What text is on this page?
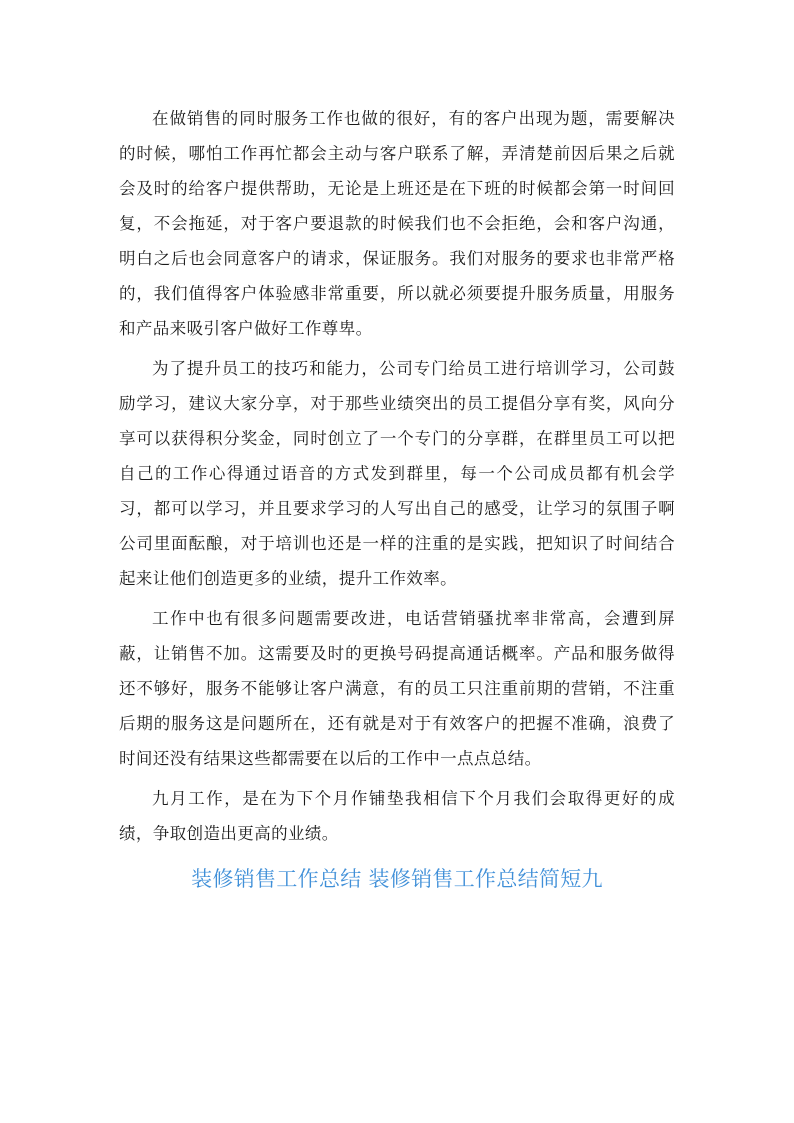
在做销售的同时服务工作也做的很好，有的客户出现为题，需要解决的时候，哪怕工作再忙都会主动与客户联系了解，弄清楚前因后果之后就会及时的给客户提供帮助，无论是上班还是在下班的时候都会第一时间回复，不会拖延，对于客户要退款的时候我们也不会拒绝，会和客户沟通，明白之后也会同意客户的请求，保证服务。我们对服务的要求也非常严格的，我们值得客户体验感非常重要，所以就必须要提升服务质量，用服务和产品来吸引客户做好工作尊卑。

为了提升员工的技巧和能力，公司专门给员工进行培训学习，公司鼓励学习，建议大家分享，对于那些业绩突出的员工提倡分享有奖，风向分享可以获得积分奖金，同时创立了一个专门的分享群，在群里员工可以把自己的工作心得通过语音的方式发到群里，每一个公司成员都有机会学习，都可以学习，并且要求学习的人写出自己的感受，让学习的氛围子啊公司里面酝酿，对于培训也还是一样的注重的是实践，把知识了时间结合起来让他们创造更多的业绩，提升工作效率。

工作中也有很多问题需要改进，电话营销骚扰率非常高，会遭到屏蔽，让销售不加。这需要及时的更换号码提高通话概率。产品和服务做得还不够好，服务不能够让客户满意，有的员工只注重前期的营销，不注重后期的服务这是问题所在，还有就是对于有效客户的把握不准确，浪费了时间还没有结果这些都需要在以后的工作中一点点总结。

九月工作，是在为下个月作铺垫我相信下个月我们会取得更好的成绩，争取创造出更高的业绩。

装修销售工作总结 装修销售工作总结简短九
